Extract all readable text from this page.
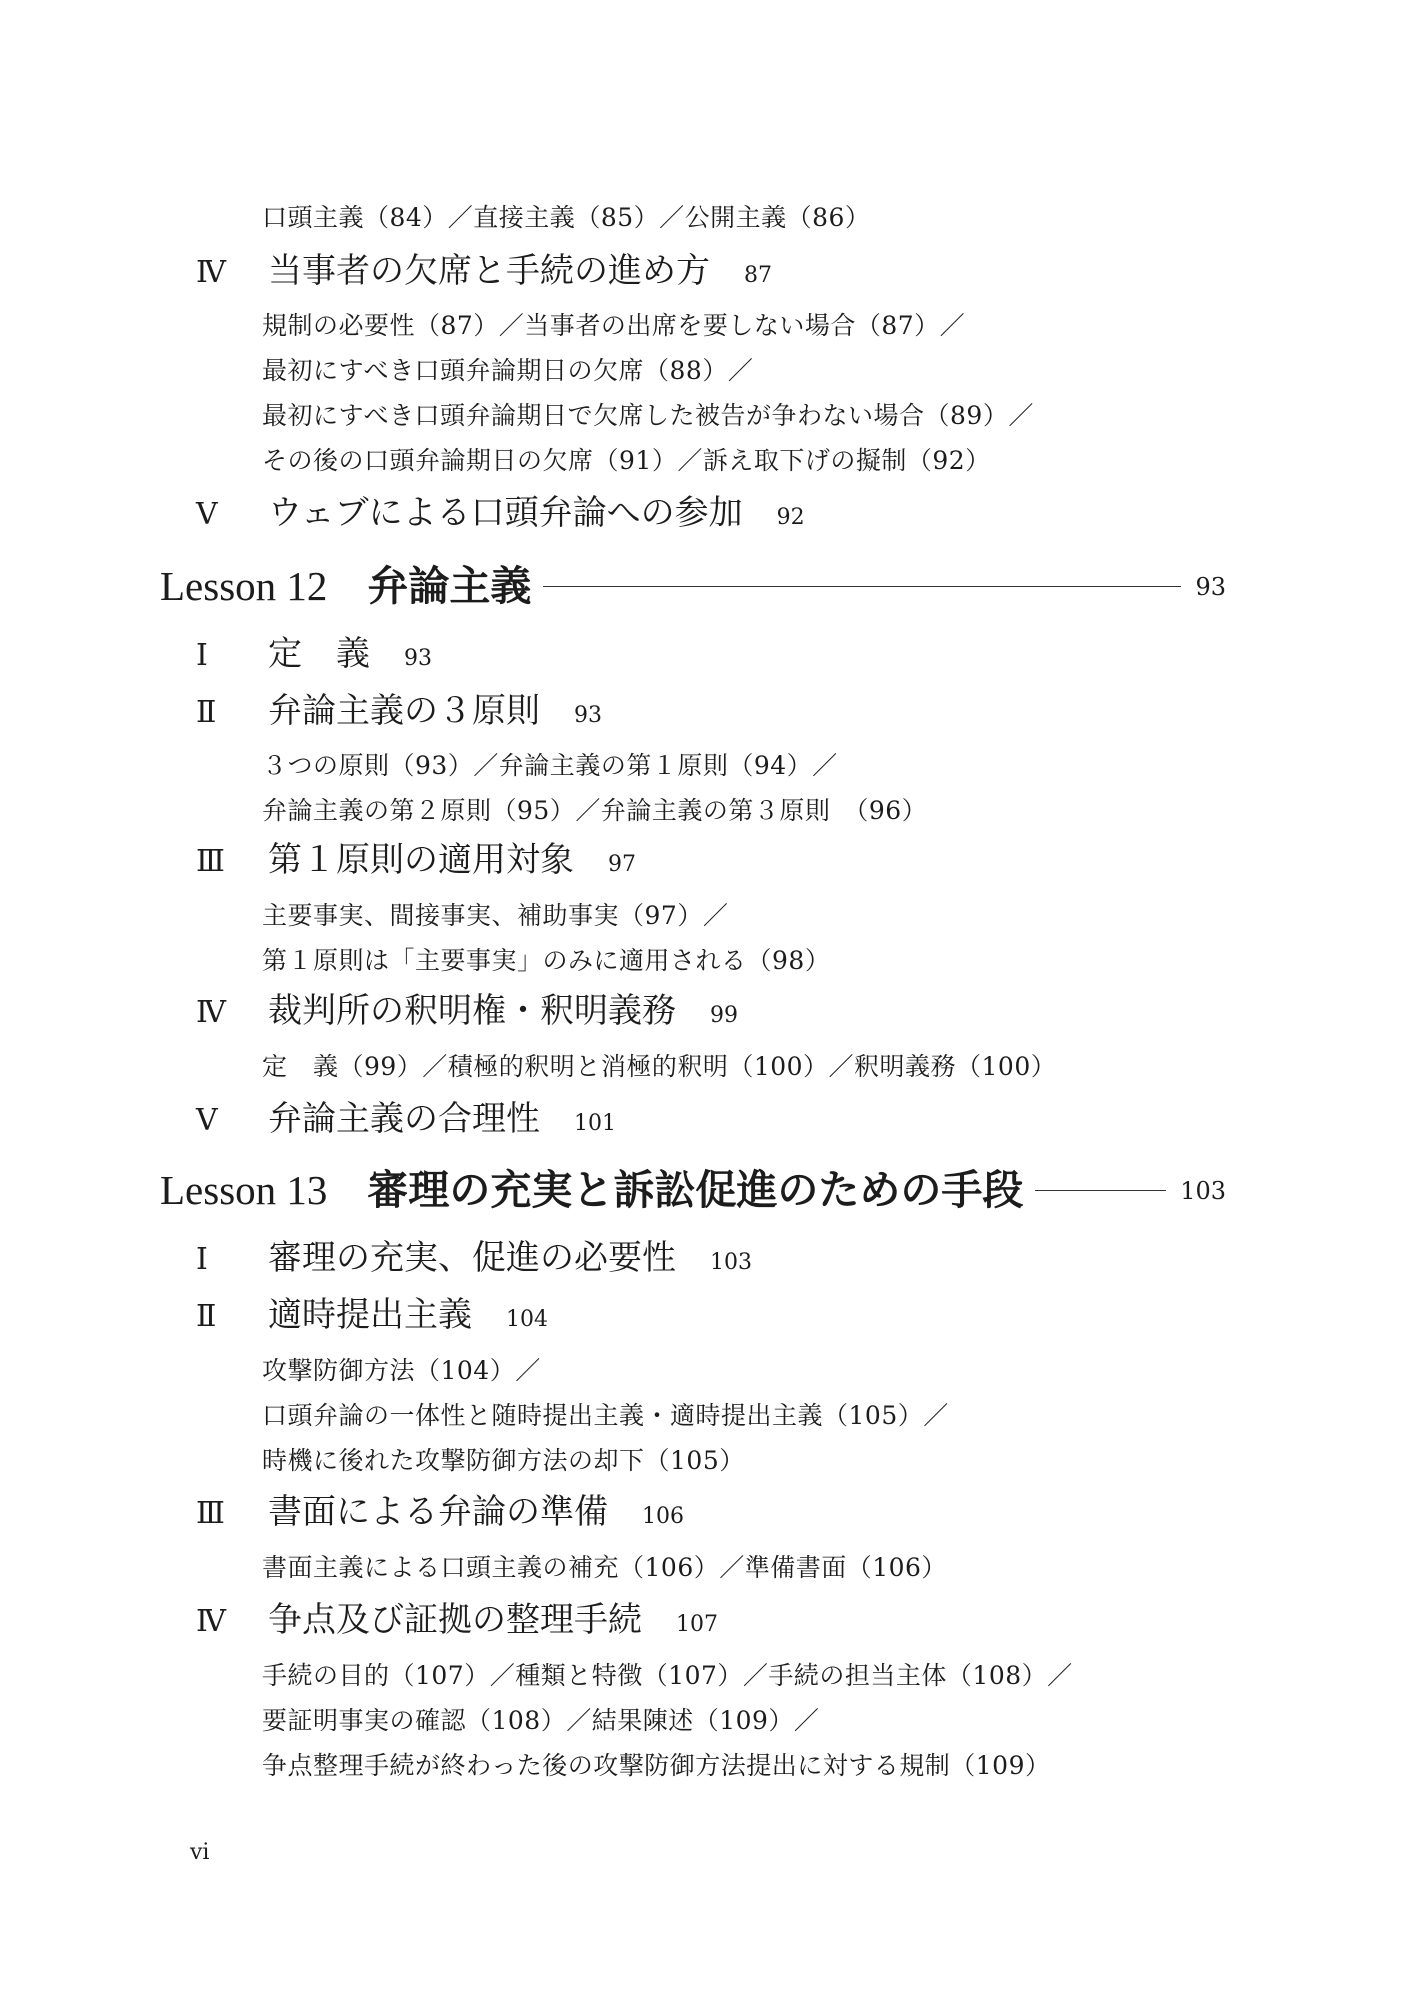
口頭主義（84）／直接主義（85）／公開主義（86）
Ⅳ 当事者の欠席と手続の進め方 87
規制の必要性（87）／当事者の出席を要しない場合（87）／
最初にすべき口頭弁論期日の欠席（88）／
最初にすべき口頭弁論期日で欠席した被告が争わない場合（89）／
その後の口頭弁論期日の欠席（91）／訴え取下げの擬制（92）
Ⅴ ウェブによる口頭弁論への参加 92
Lesson 12 弁論主義	93
Ⅰ 定　義 93
Ⅱ 弁論主義の３原則 93
３つの原則（93）／弁論主義の第１原則（94）／
弁論主義の第２原則（95）／弁論主義の第３原則　（96）
Ⅲ 第１原則の適用対象 97
主要事実、間接事実、補助事実（97）／
第１原則は「主要事実」のみに適用される（98）
Ⅳ 裁判所の釈明権・釈明義務 99
定　義（99）／積極的釈明と消極的釈明（100）／釈明義務（100）
Ⅴ 弁論主義の合理性 101
Lesson 13 審理の充実と訴訟促進のための手段	103
Ⅰ 審理の充実、促進の必要性 103
Ⅱ 適時提出主義 104
攻撃防御方法（104）／
口頭弁論の一体性と随時提出主義・適時提出主義（105）／
時機に後れた攻撃防御方法の却下（105）
Ⅲ 書面による弁論の準備 106
書面主義による口頭主義の補充（106）／準備書面（106）
Ⅳ 争点及び証拠の整理手続 107
手続の目的（107）／種類と特徴（107）／手続の担当主体（108）／
要証明事実の確認（108）／結果陳述（109）／
争点整理手続が終わった後の攻撃防御方法提出に対する規制（109）
vi
